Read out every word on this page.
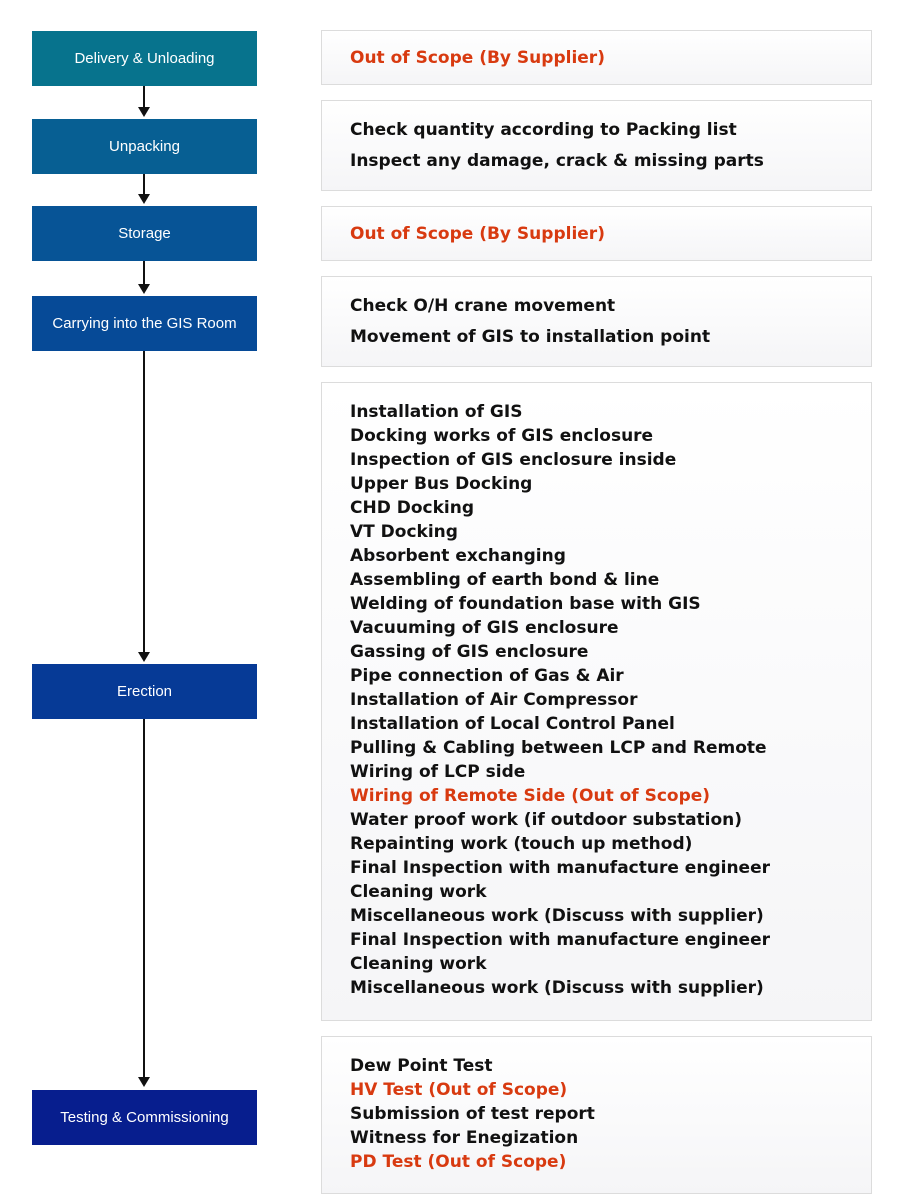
Delivery & Unloading
Unpacking
Storage
Carrying into the GIS Room
Erection
Testing & Commissioning
Out of Scope (By Supplier)
Check quantity according to Packing list
Inspect any damage, crack & missing parts
Out of Scope (By Supplier)
Check O/H crane movement
Movement of GIS to installation point
Installation of GIS
Docking works of GIS enclosure
Inspection of GIS enclosure inside
Upper Bus Docking
CHD Docking
VT Docking
Absorbent exchanging
Assembling of earth bond & line
Welding of foundation base with GIS
Vacuuming of GIS enclosure
Gassing of GIS enclosure
Pipe connection of Gas & Air
Installation of Air Compressor
Installation of Local Control Panel
Pulling & Cabling between LCP and Remote
Wiring of LCP side
Wiring of Remote Side (Out of Scope)
Water proof work (if outdoor substation)
Repainting work (touch up method)
Final Inspection with manufacture engineer
Cleaning work
Miscellaneous work (Discuss with supplier)
Final Inspection with manufacture engineer
Cleaning work
Miscellaneous work (Discuss with supplier)
Dew Point Test
HV Test (Out of Scope)
Submission of test report
Witness for Enegization
PD Test (Out of Scope)
